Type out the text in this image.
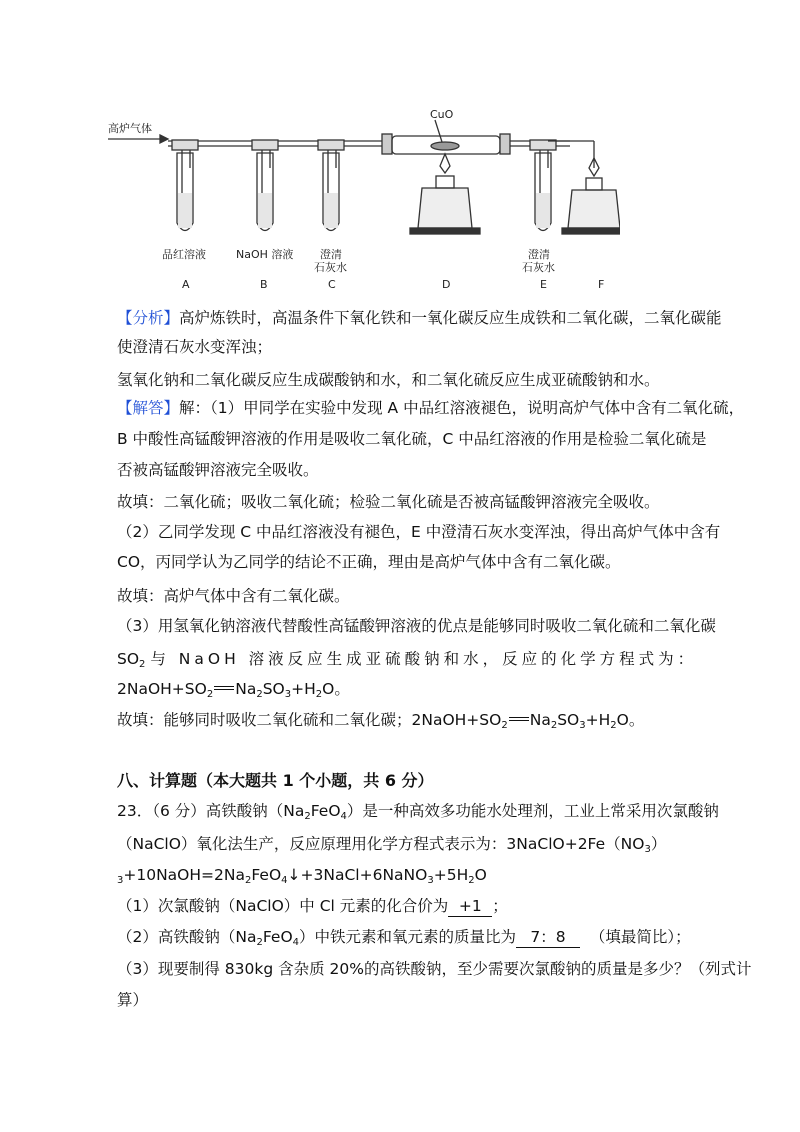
高炉气体
CuO
品红溶液	NaOH 溶液 澄清
石灰水
澄清
石灰水
A	B	C	D	E	F
【分析】高炉炼铁时，高温条件下氧化铁和一氧化碳反应生成铁和二氧化碳，二氧化碳能
使澄清石灰水变浑浊；
氢氧化钠和二氧化碳反应生成碳酸钠和水，和二氧化硫反应生成亚硫酸钠和水。
【解答】解：（1）甲同学在实验中发现 A 中品红溶液褪色，说明高炉气体中含有二氧化硫，
B 中酸性高锰酸钾溶液的作用是吸收二氧化硫，C 中品红溶液的作用是检验二氧化硫是
否被高锰酸钾溶液完全吸收。
故填：二氧化硫；吸收二氧化硫；检验二氧化硫是否被高锰酸钾溶液完全吸收。
（2）乙同学发现 C 中品红溶液没有褪色，E 中澄清石灰水变浑浊，得出高炉气体中含有
CO，丙同学认为乙同学的结论不正确，理由是高炉气体中含有二氧化碳。
故填：高炉气体中含有二氧化碳。
（3）用氢氧化钠溶液代替酸性高锰酸钾溶液的优点是能够同时吸收二氧化硫和二氧化碳
$SO_2$ 与 NaOH 溶液反应生成亚硫酸钠和水，反应的化学方程式为：
$2NaOH+SO_2$ $Na_2SO_3+H_2O$。
故填：能够同时吸收二氧化硫和二氧化碳；$2NaOH+SO_2$ $Na_2SO_3+H_2O$。
八、计算题（本大题共 1 个小题，共 6 分）
23．（6 分）高铁酸钠$(Na_2FeO_4)$是一种高效多功能水处理剂，工业上常采用次氯酸钠
（NaClO）氧化法生产，反应原理用化学方程式表示为：$3NaClO+2Fe(NO_3)$
$_3+10NaOH=2Na_2FeO_4↓+3NaCl+6NaNO_3+5H_2O$
（1）次氯酸钠（NaClO）中 Cl 元素的化合价为 +1 ；
（2）高铁酸钠$(Na_2FeO_4)$中铁元素和氧元素的质量比为 7：8 （填最简比）；
（3）现要制得 830kg 含杂质 20%的高铁酸钠，至少需要次氯酸钠的质量是多少？（列式计
算）
